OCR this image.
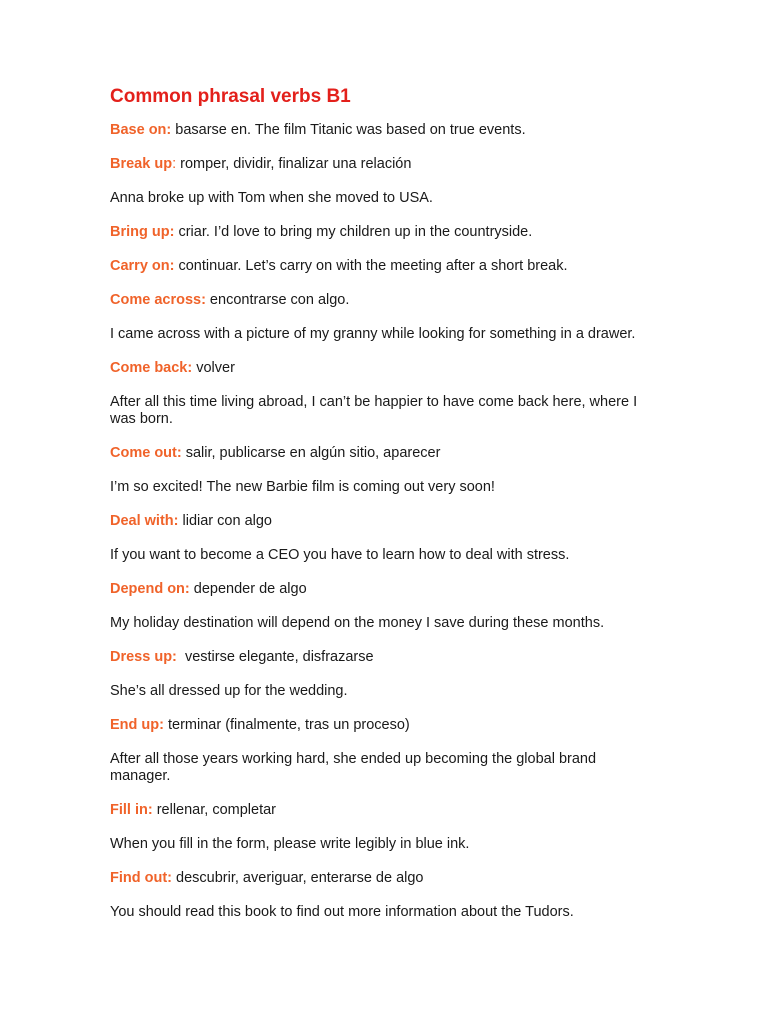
Common phrasal verbs B1

Base on: basarse en. The film Titanic was based on true events.

Break up: romper, dividir, finalizar una relación

Anna broke up with Tom when she moved to USA.

Bring up: criar. I’d love to bring my children up in the countryside.

Carry on: continuar. Let’s carry on with the meeting after a short break.

Come across: encontrarse con algo.

I came across with a picture of my granny while looking for something in a drawer.

Come back: volver

After all this time living abroad, I can’t be happier to have come back here, where I was born.

Come out: salir, publicarse en algún sitio, aparecer

I’m so excited! The new Barbie film is coming out very soon!

Deal with: lidiar con algo

If you want to become a CEO you have to learn how to deal with stress.

Depend on: depender de algo

My holiday destination will depend on the money I save during these months.

Dress up:  vestirse elegante, disfrazarse

She’s all dressed up for the wedding.

End up: terminar (finalmente, tras un proceso)

After all those years working hard, she ended up becoming the global brand manager.

Fill in: rellenar, completar

When you fill in the form, please write legibly in blue ink.

Find out: descubrir, averiguar, enterarse de algo

You should read this book to find out more information about the Tudors.
